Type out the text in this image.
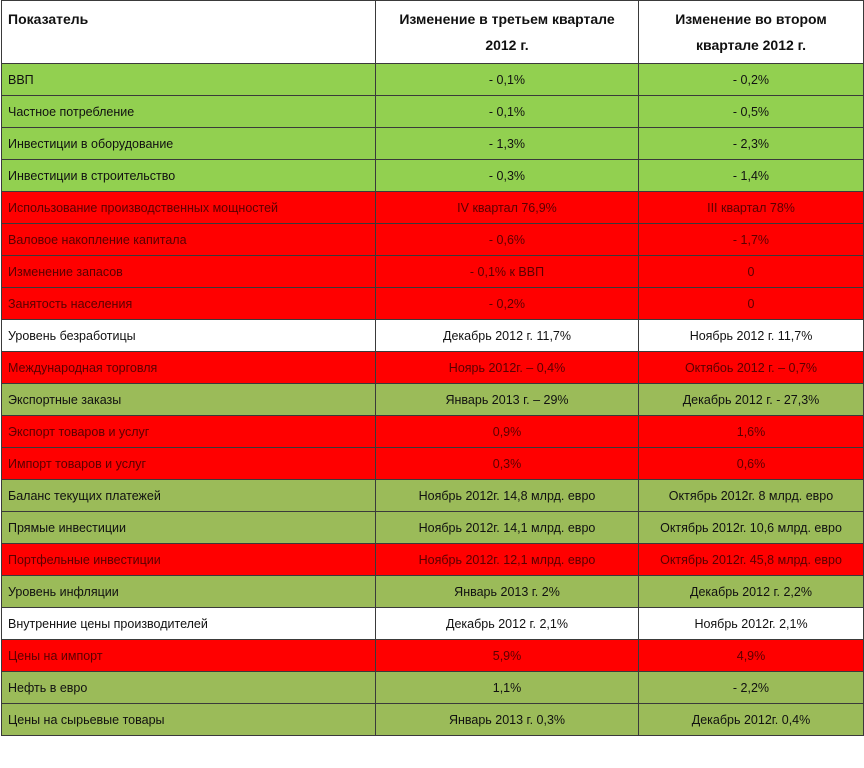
Показатель	Изменение в третьем квартале 2012 г.	Изменение во втором квартале 2012 г.
ВВП	- 0,1%	- 0,2%
Частное потребление	- 0,1%	- 0,5%
Инвестиции в оборудование	- 1,3%	- 2,3%
Инвестиции в строительство	- 0,3%	- 1,4%
Использование производственных мощностей	IV квартал 76,9%	III квартал 78%
Валовое накопление капитала	- 0,6%	- 1,7%
Изменение запасов	- 0,1% к ВВП	0
Занятость населения	- 0,2%	0
Уровень безработицы	Декабрь 2012 г. 11,7%	Ноябрь 2012 г. 11,7%
Международная торговля	Ноярь 2012г. – 0,4%	Октябоь 2012 г. – 0,7%
Экспортные заказы	Январь 2013 г. – 29%	Декабрь 2012 г. - 27,3%
Экспорт товаров и услуг	0,9%	1,6%
Импорт товаров и услуг	0,3%	0,6%
Баланс текущих платежей	Ноябрь 2012г. 14,8 млрд. евро	Октябрь 2012г. 8 млрд. евро
Прямые инвестиции	Ноябрь 2012г. 14,1 млрд. евро	Октябрь 2012г. 10,6 млрд. евро
Портфельные инвестиции	Ноябрь 2012г. 12,1 млрд. евро	Октябрь 2012г. 45,8 млрд. евро
Уровень инфляции	Январь 2013 г. 2%	Декабрь 2012 г. 2,2%
Внутренние цены производителей	Декабрь 2012 г. 2,1%	Ноябрь 2012г. 2,1%
Цены на импорт	5,9%	4,9%
Нефть в евро	1,1%	- 2,2%
Цены на сырьевые товары	Январь 2013 г. 0,3%	Декабрь 2012г. 0,4%
